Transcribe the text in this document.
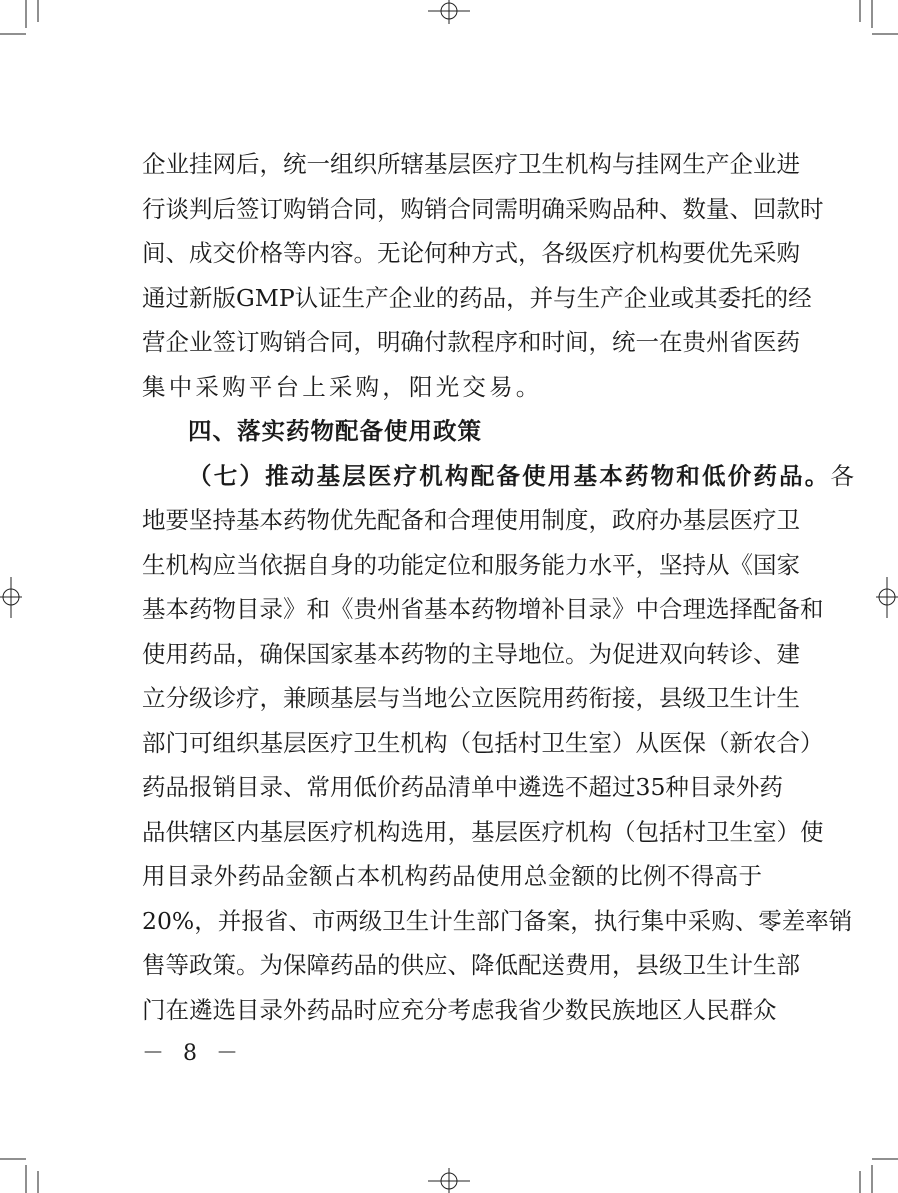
企业挂网后，统一组织所辖基层医疗卫生机构与挂网生产企业进
行谈判后签订购销合同，购销合同需明确采购品种、数量、回款时
间、成交价格等内容。无论何种方式，各级医疗机构要优先采购
通过新版GMP认证生产企业的药品，并与生产企业或其委托的经
营企业签订购销合同，明确付款程序和时间，统一在贵州省医药
集中采购平台上采购，阳光交易。
四、落实药物配备使用政策
（七）推动基层医疗机构配备使用基本药物和低价药品。各
地要坚持基本药物优先配备和合理使用制度，政府办基层医疗卫
生机构应当依据自身的功能定位和服务能力水平，坚持从《国家
基本药物目录》和《贵州省基本药物增补目录》中合理选择配备和
使用药品，确保国家基本药物的主导地位。为促进双向转诊、建
立分级诊疗，兼顾基层与当地公立医院用药衔接，县级卫生计生
部门可组织基层医疗卫生机构（包括村卫生室）从医保（新农合）
药品报销目录、常用低价药品清单中遴选不超过35种目录外药
品供辖区内基层医疗机构选用，基层医疗机构（包括村卫生室）使
用目录外药品金额占本机构药品使用总金额的比例不得高于
20%，并报省、市两级卫生计生部门备案，执行集中采购、零差率销
售等政策。为保障药品的供应、降低配送费用，县级卫生计生部
门在遴选目录外药品时应充分考虑我省少数民族地区人民群众
－ 8 －
